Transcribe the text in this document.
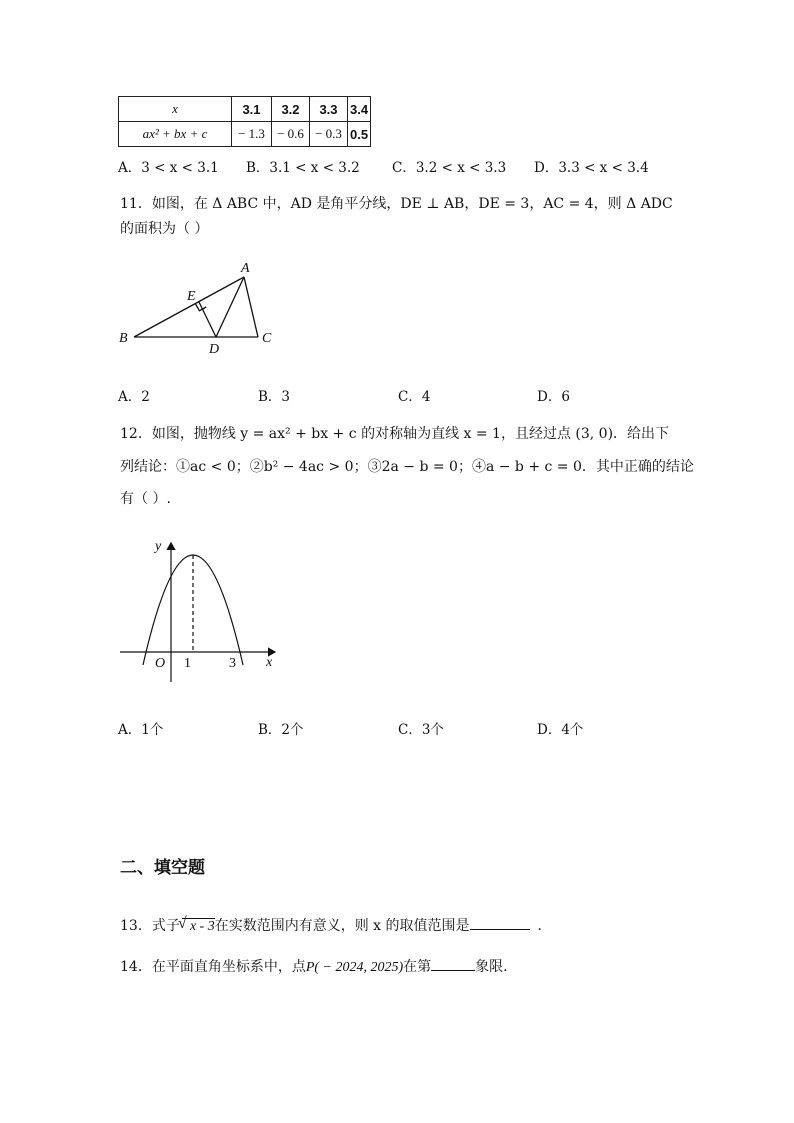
x	3.1	3.2	3.3	3.4
ax² + bx + c	− 1.3	− 0.6	− 0.3	0.5
A．3 < x < 3.1 B．3.1 < x < 3.2 C．3.2 < x < 3.3 D．3.3 < x < 3.4
11．如图，在 Δ ABC 中，AD 是角平分线，DE ⊥ AB，DE = 3，AC = 4，则 Δ ADC
的面积为（ ）
A
B	C
D
E
A．2	B．3	C．4	D．6
12．如图，抛物线 y = ax² + bx + c 的对称轴为直线 x = 1，且经过点 (3, 0)．给出下
列结论：①ac < 0；②b² − 4ac > 0；③2a − b = 0；④a − b + c = 0．其中正确的结论
有（ ）.
y
x
O 1	3
A．1个	B．2个	C．3个	D．4个
二、填空题
13．式子 √ x - 3在实数范围内有意义，则 x 的取值范围是	．
14．在平面直角坐标系中，点P( − 2024, 2025)在第	象限.
